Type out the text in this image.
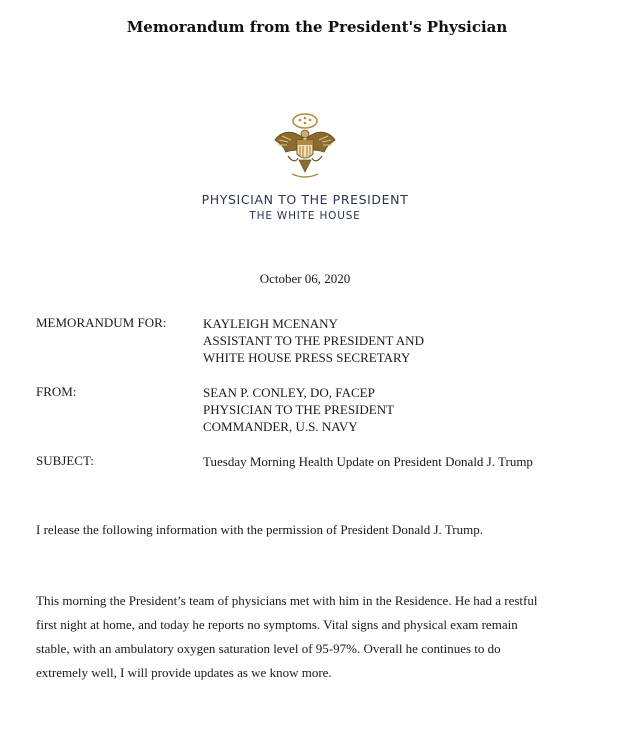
Memorandum from the President's Physician
PHYSICIAN TO THE PRESIDENT
THE WHITE HOUSE
October 06, 2020
MEMORANDUM FOR:	KAYLEIGH MCENANY
ASSISTANT TO THE PRESIDENT AND
WHITE HOUSE PRESS SECRETARY
FROM:	SEAN P. CONLEY, DO, FACEP
PHYSICIAN TO THE PRESIDENT
COMMANDER, U.S. NAVY
SUBJECT:	Tuesday Morning Health Update on President Donald J. Trump
I release the following information with the permission of President Donald J. Trump.
This morning the President’s team of physicians met with him in the Residence. He had a restful
first night at home, and today he reports no symptoms. Vital signs and physical exam remain
stable, with an ambulatory oxygen saturation level of 95-97%. Overall he continues to do
extremely well, I will provide updates as we know more.
